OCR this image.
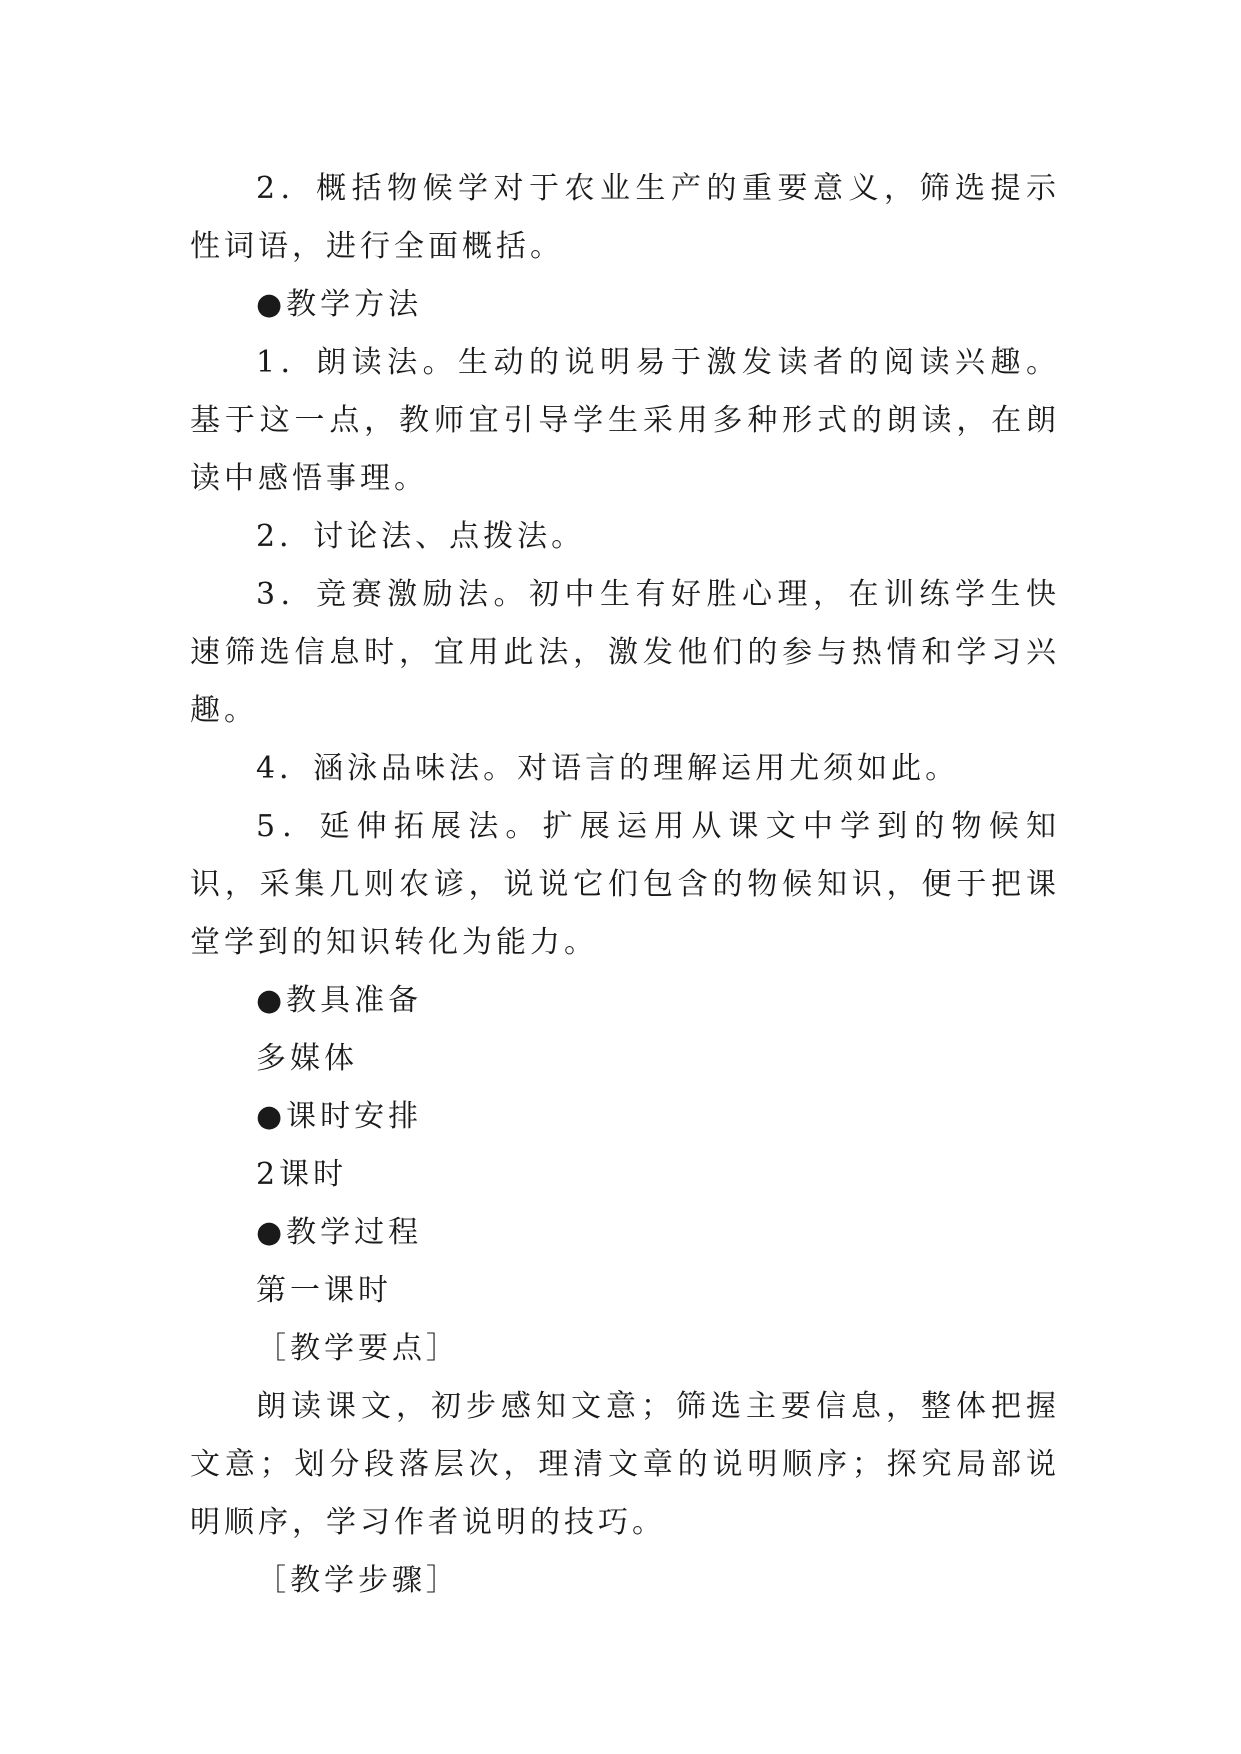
2．概括物候学对于农业生产的重要意义，筛选提示性词语，进行全面概括。

●教学方法

1．朗读法。生动的说明易于激发读者的阅读兴趣。基于这一点，教师宜引导学生采用多种形式的朗读，在朗读中感悟事理。

2．讨论法、点拨法。

3．竞赛激励法。初中生有好胜心理，在训练学生快速筛选信息时，宜用此法，激发他们的参与热情和学习兴趣。

4．涵泳品味法。对语言的理解运用尤须如此。

5．延伸拓展法。扩展运用从课文中学到的物候知识，采集几则农谚，说说它们包含的物候知识，便于把课堂学到的知识转化为能力。

●教具准备

多媒体

●课时安排

2课时

●教学过程

第一课时

［教学要点］

朗读课文，初步感知文意；筛选主要信息，整体把握文意；划分段落层次，理清文章的说明顺序；探究局部说明顺序，学习作者说明的技巧。

［教学步骤］
